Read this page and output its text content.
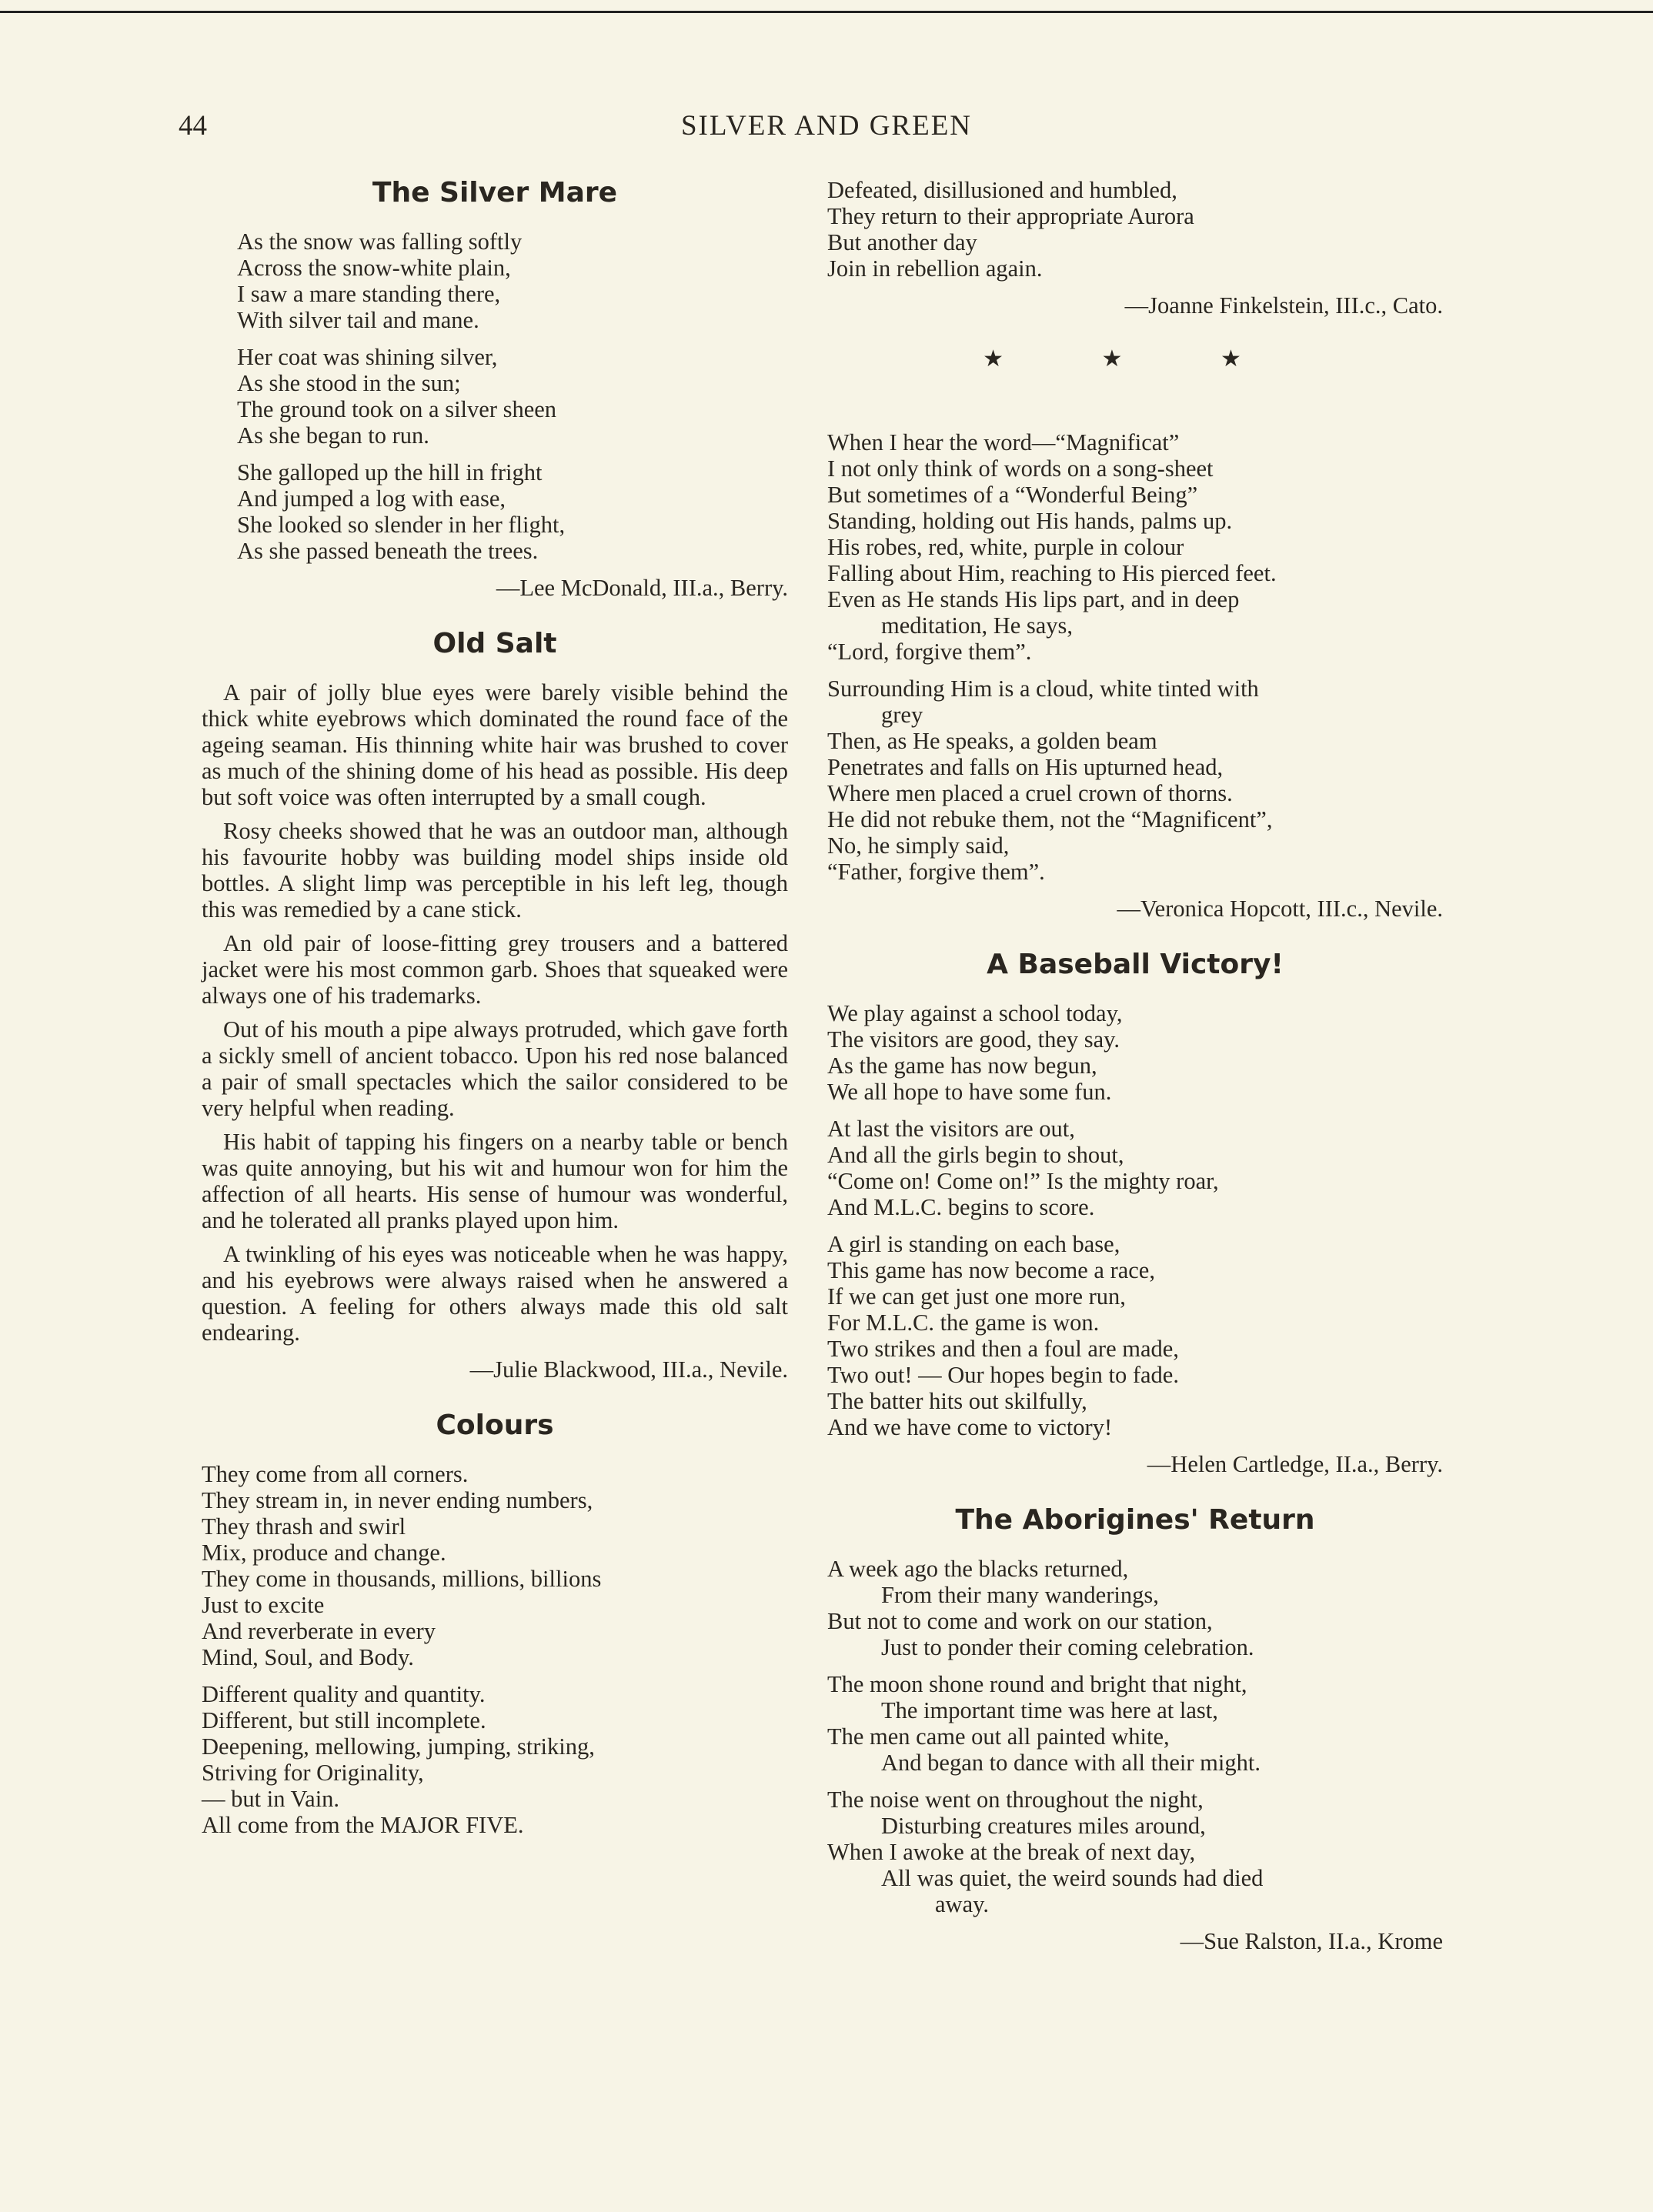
44	SILVER AND GREEN
The Silver Mare
As the snow was falling softly
Across the snow-white plain,
I saw a mare standing there,
With silver tail and mane.
Her coat was shining silver,
As she stood in the sun;
The ground took on a silver sheen
As she began to run.
She galloped up the hill in fright
And jumped a log with ease,
She looked so slender in her flight,
As she passed beneath the trees.
—Lee McDonald, III.a., Berry.
Old Salt

A pair of jolly blue eyes were barely visible behind the thick white eyebrows which dominated the round face of the ageing seaman. His thinning white hair was brushed to cover as much of the shining dome of his head as possible. His deep but soft voice was often interrupted by a small cough.

Rosy cheeks showed that he was an outdoor man, although his favourite hobby was building model ships inside old bottles. A slight limp was perceptible in his left leg, though this was remedied by a cane stick.

An old pair of loose-fitting grey trousers and a battered jacket were his most common garb. Shoes that squeaked were always one of his trademarks.

Out of his mouth a pipe always protruded, which gave forth a sickly smell of ancient tobacco. Upon his red nose balanced a pair of small spectacles which the sailor considered to be very helpful when reading.

His habit of tapping his fingers on a nearby table or bench was quite annoying, but his wit and humour won for him the affection of all hearts. His sense of humour was wonderful, and he tolerated all pranks played upon him.

A twinkling of his eyes was noticeable when he was happy, and his eyebrows were always raised when he answered a question. A feeling for others always made this old salt endearing.

—Julie Blackwood, III.a., Nevile.
Colours
They come from all corners.
They stream in, in never ending numbers,
They thrash and swirl
Mix, produce and change.
They come in thousands, millions, billions
Just to excite
And reverberate in every
Mind, Soul, and Body.
Different quality and quantity.
Different, but still incomplete.
Deepening, mellowing, jumping, striking,
Striving for Originality,
— but in Vain.
All come from the MAJOR FIVE.
Defeated, disillusioned and humbled,
They return to their appropriate Aurora
But another day
Join in rebellion again.
—Joanne Finkelstein, III.c., Cato.
★ ★ ★
When I hear the word—“Magnificat”
I not only think of words on a song-sheet
But sometimes of a “Wonderful Being”
Standing, holding out His hands, palms up.
His robes, red, white, purple in colour
Falling about Him, reaching to His pierced feet.
Even as He stands His lips part, and in deep
meditation, He says,
“Lord, forgive them”.
Surrounding Him is a cloud, white tinted with
grey
Then, as He speaks, a golden beam
Penetrates and falls on His upturned head,
Where men placed a cruel crown of thorns.
He did not rebuke them, not the “Magnificent”,
No, he simply said,
“Father, forgive them”.
—Veronica Hopcott, III.c., Nevile.
A Baseball Victory!
We play against a school today,
The visitors are good, they say.
As the game has now begun,
We all hope to have some fun.
At last the visitors are out,
And all the girls begin to shout,
“Come on! Come on!” Is the mighty roar,
And M.L.C. begins to score.
A girl is standing on each base,
This game has now become a race,
If we can get just one more run,
For M.L.C. the game is won.
Two strikes and then a foul are made,
Two out! — Our hopes begin to fade.
The batter hits out skilfully,
And we have come to victory!
—Helen Cartledge, II.a., Berry.
The Aborigines' Return
A week ago the blacks returned,
From their many wanderings,
But not to come and work on our station,
Just to ponder their coming celebration.
The moon shone round and bright that night,
The important time was here at last,
The men came out all painted white,
And began to dance with all their might.
The noise went on throughout the night,
Disturbing creatures miles around,
When I awoke at the break of next day,
All was quiet, the weird sounds had died
away.
—Sue Ralston, II.a., Krome
